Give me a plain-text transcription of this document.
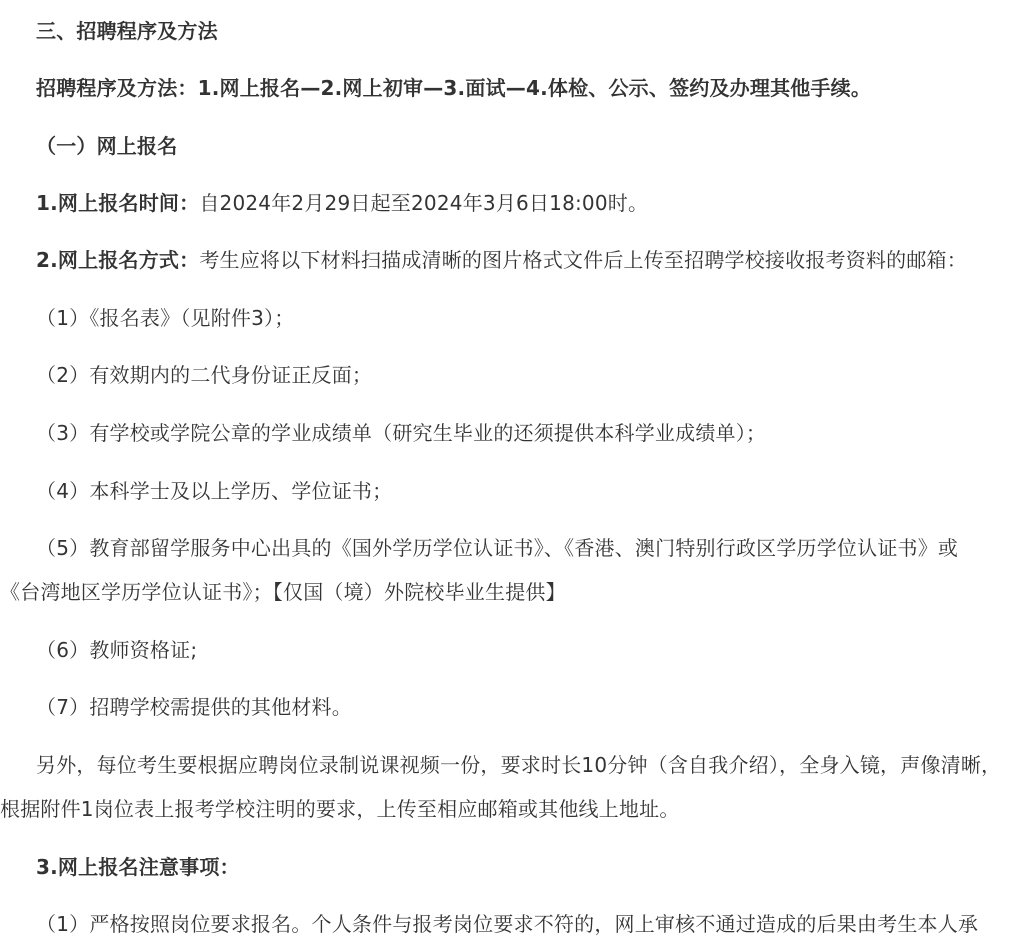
三、招聘程序及方法
招聘程序及方法：1.网上报名—2.网上初审—3.面试—4.体检、公示、签约及办理其他手续。
（一）网上报名
1.网上报名时间：自2024年2月29日起至2024年3月6日18:00时。
2.网上报名方式：考生应将以下材料扫描成清晰的图片格式文件后上传至招聘学校接收报考资料的邮箱：
（1）《报名表》（见附件3）；
（2）有效期内的二代身份证正反面；
（3）有学校或学院公章的学业成绩单（研究生毕业的还须提供本科学业成绩单）；
（4）本科学士及以上学历、学位证书；
（5）教育部留学服务中心出具的《国外学历学位认证书》、《香港、澳门特别行政区学历学位认证书》或
《台湾地区学历学位认证书》；【仅国（境）外院校毕业生提供】
（6）教师资格证;
（7）招聘学校需提供的其他材料。
另外，每位考生要根据应聘岗位录制说课视频一份，要求时长10分钟（含自我介绍），全身入镜，声像清晰，
根据附件1岗位表上报考学校注明的要求，上传至相应邮箱或其他线上地址。
3.网上报名注意事项：
（1）严格按照岗位要求报名。个人条件与报考岗位要求不符的，网上审核不通过造成的后果由考生本人承
